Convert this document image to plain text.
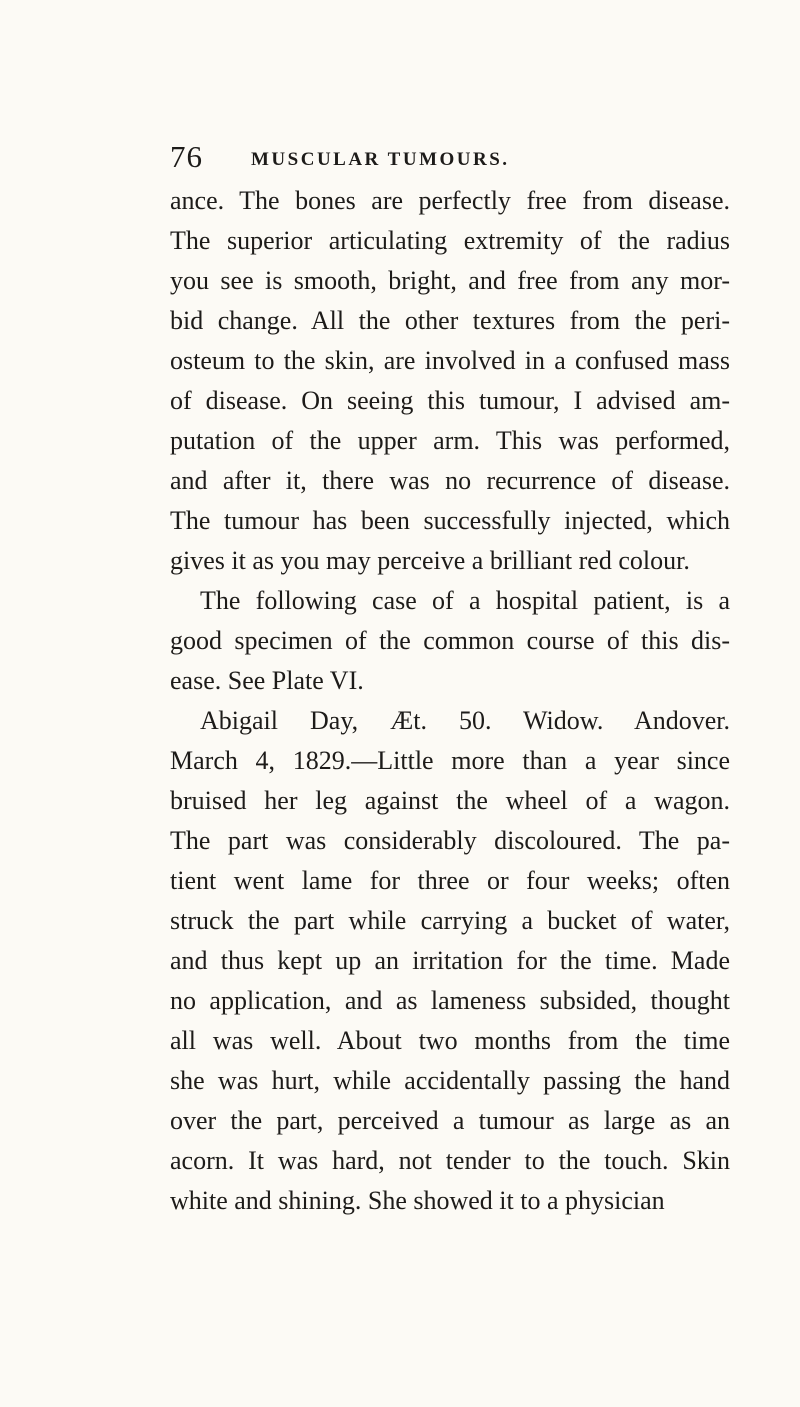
76	MUSCULAR TUMOURS.
ance. The bones are perfectly free from disease.
The superior articulating extremity of the radius
you see is smooth, bright, and free from any mor-
bid change. All the other textures from the peri-
osteum to the skin, are involved in a confused mass
of disease. On seeing this tumour, I advised am-
putation of the upper arm. This was performed,
and after it, there was no recurrence of disease.
The tumour has been successfully injected, which
gives it as you may perceive a brilliant red colour.
The following case of a hospital patient, is a
good specimen of the common course of this dis-
ease. See Plate VI.
Abigail Day, Æt. 50. Widow. Andover.
March 4, 1829.—Little more than a year since
bruised her leg against the wheel of a wagon.
The part was considerably discoloured. The pa-
tient went lame for three or four weeks; often
struck the part while carrying a bucket of water,
and thus kept up an irritation for the time. Made
no application, and as lameness subsided, thought
all was well. About two months from the time
she was hurt, while accidentally passing the hand
over the part, perceived a tumour as large as an
acorn. It was hard, not tender to the touch. Skin
white and shining. She showed it to a physician
